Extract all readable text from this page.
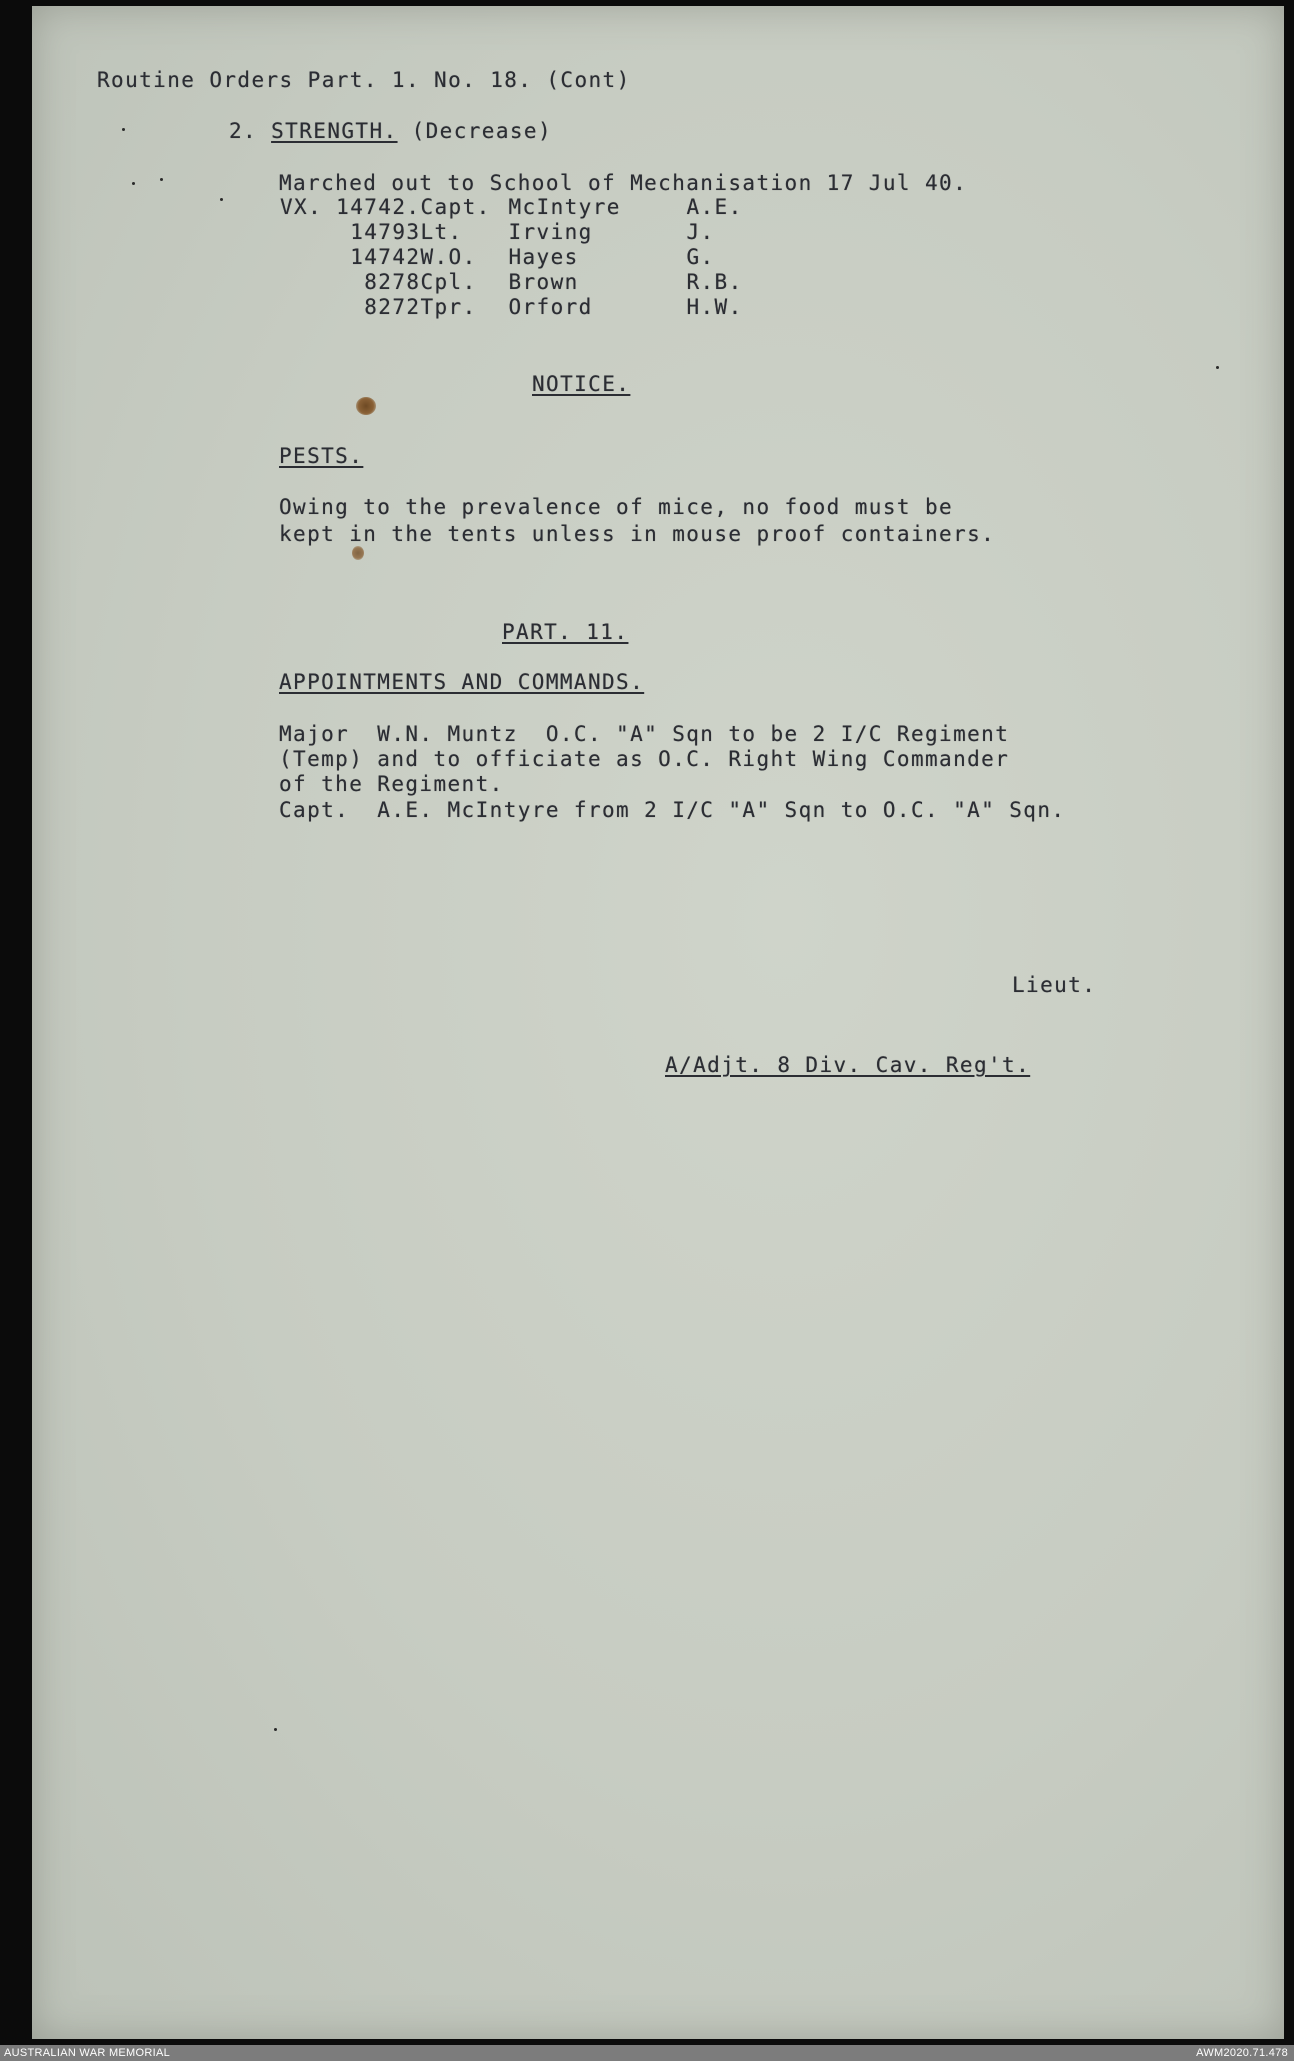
Routine Orders Part. 1. No. 18. (Cont)
2. STRENGTH. (Decrease)
Marched out to School of Mechanisation 17 Jul 40.
VX. 14742.	Capt.	McIntyre	A.E.
14793	Lt.	Irving	J.
14742	W.O.	Hayes	G.
8278	Cpl.	Brown	R.B.
8272	Tpr.	Orford	H.W.
NOTICE.
PESTS.
Owing to the prevalence of mice, no food must be
kept in the tents unless in mouse proof containers.
PART. 11.
APPOINTMENTS AND COMMANDS.
Major  W.N. Muntz  O.C. "A" Sqn to be 2 I/C Regiment
(Temp) and to officiate as O.C. Right Wing Commander
of the Regiment.
Capt.  A.E. McIntyre from 2 I/C "A" Sqn to O.C. "A" Sqn.
Lieut.
A/Adjt. 8 Div. Cav. Reg't.
AUSTRALIAN WAR MEMORIAL	AWM2020.71.478
